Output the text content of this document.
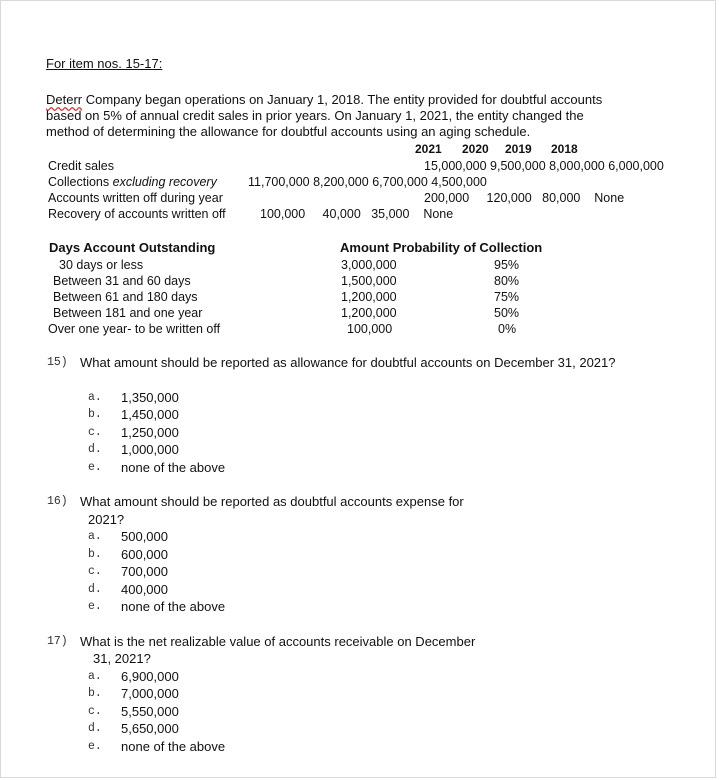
For item nos. 15-17:
Deterr Company began operations on January 1, 2018. The entity provided for doubtful accounts
based on 5% of annual credit sales in prior years. On January 1, 2021, the entity changed the
method of determining the allowance for doubtful accounts using an aging schedule.
2021 2020 2019 2018
Credit sales	15,000,000 9,500,000 8,000,000 6,000,000
Collections excluding recovery 11,700,000 8,200,000 6,700,000 4,500,000
Accounts written off during year	200,000     120,000   80,000    None
Recovery of accounts written off	100,000     40,000   35,000    None
Days Account Outstanding	Amount Probability of Collection
30 days or less	3,000,000	95%
Between 31 and 60 days	1,500,000	80%
Between 61 and 180 days	1,200,000	75%
Between 181 and one year	1,200,000	50%
Over one year- to be written off	100,000	0%
15) What amount should be reported as allowance for doubtful accounts on December 31, 2021?
a. 1,350,000
b. 1,450,000
c. 1,250,000
d. 1,000,000
e. none of the above
16) What amount should be reported as doubtful accounts expense for
2021?
a. 500,000
b. 600,000
c. 700,000
d. 400,000
e. none of the above
17) What is the net realizable value of accounts receivable on December
31, 2021?
a. 6,900,000
b. 7,000,000
c. 5,550,000
d. 5,650,000
e. none of the above
